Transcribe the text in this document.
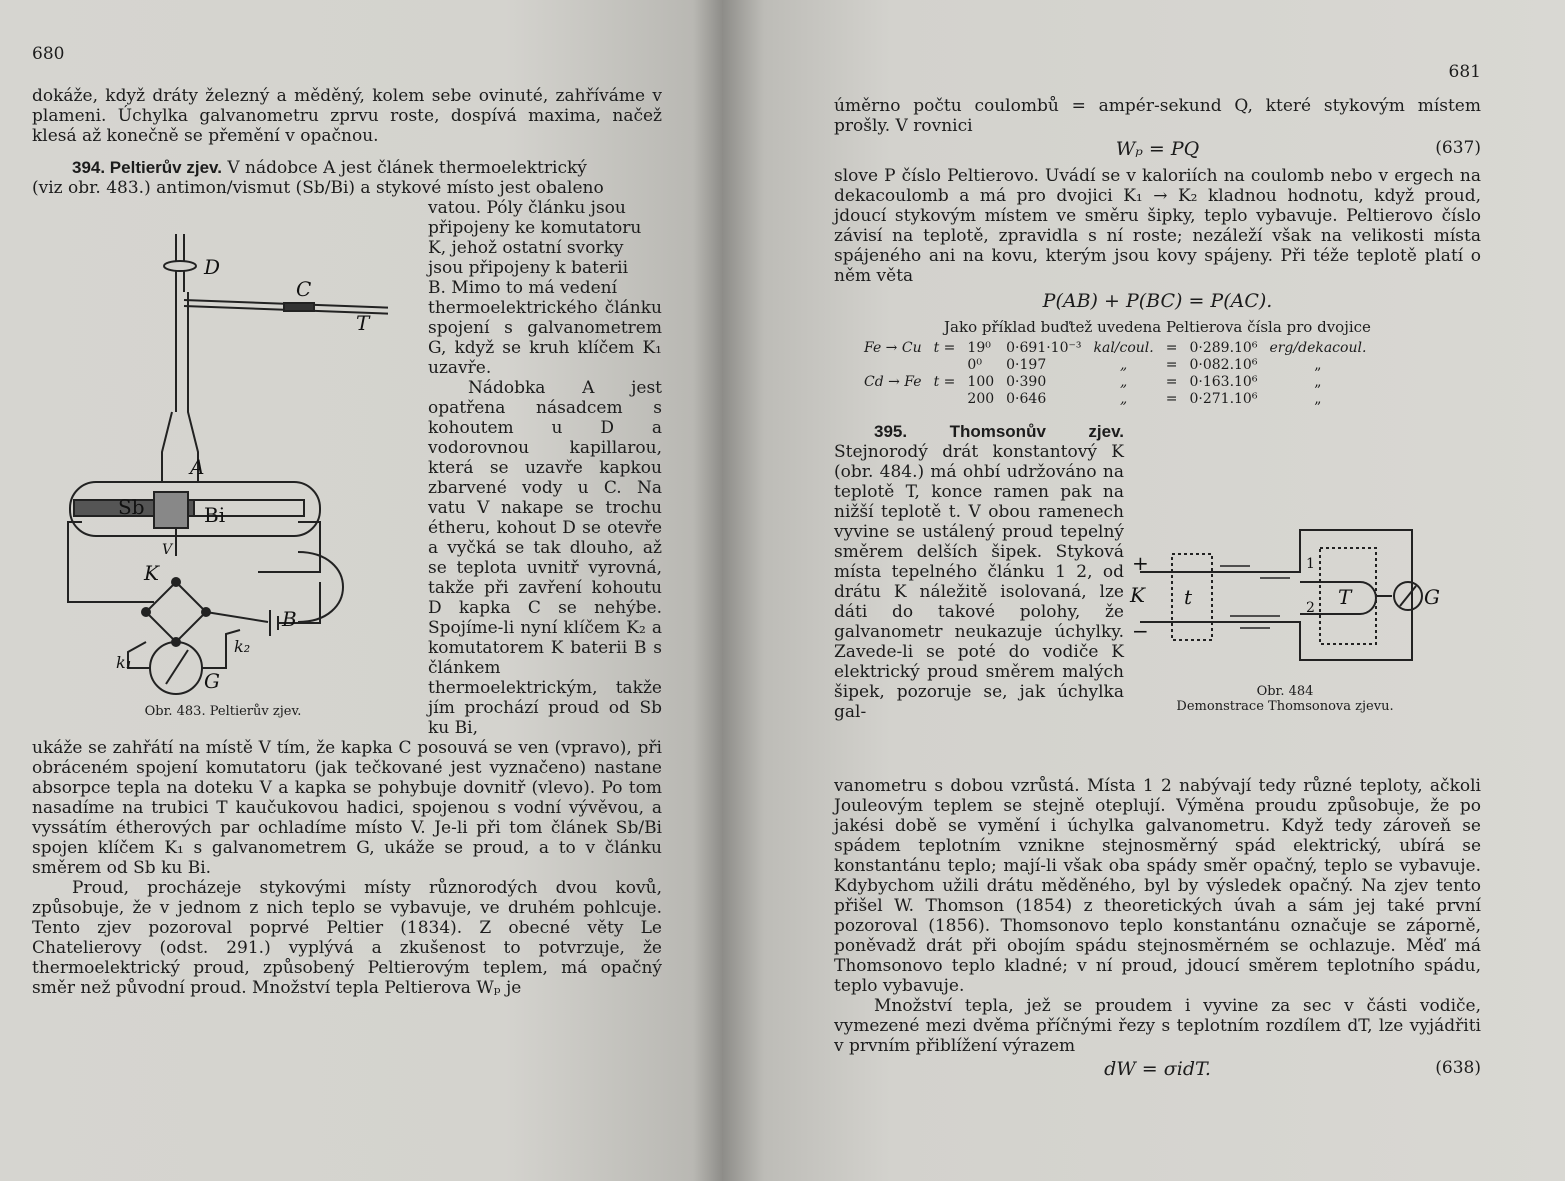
680

dokáže, když dráty železný a měděný, kolem sebe ovinuté, zahříváme v plameni. Úchylka galvanometru zprvu roste, dospívá maxima, načež klesá až konečně se přemění v opačnou.

394. Peltierův zjev. V nádobce A jest článek thermoelektrický

(viz obr. 483.) antimon/vismut (Sb/Bi) a stykové místo jest obaleno

vatou. Póly článku jsou

připojeny ke komutatoru

K, jehož ostatní svorky

jsou připojeny k baterii

B. Mimo to má vedení

thermoelektrického článku spojení s galvanometrem G, když se kruh klíčem K₁ uzavře.

Nádobka A jest opatřena násadcem s kohoutem u D a vodorovnou kapillarou, která se uzavře kapkou zbarvené vody u C. Na vatu V nakape se trochu étheru, kohout D se otevře a vyčká se tak dlouho, až se teplota uvnitř vyrovná, takže při zavření kohoutu D kapka C se nehýbe. Spojíme-li nyní klíčem K₂ a komutatorem K baterii B s článkem thermoelektrickým, takže jím prochází proud od Sb ku Bi,

ukáže se zahřátí na místě V tím, že kapka C posouvá se ven (vpravo), při obráceném spojení komutatoru (jak tečkované jest vyznačeno) nastane absorpce tepla na doteku V a kapka se pohybuje dovnitř (vlevo). Po tom nasadíme na trubici T kaučukovou hadici, spojenou s vodní vývěvou, a vyssátím étherových par ochladíme místo V. Je-li při tom článek Sb/Bi spojen klíčem K₁ s galvanometrem G, ukáže se proud, a to v článku směrem od Sb ku Bi.

Proud, procházeje stykovými místy různorodých dvou kovů, způsobuje, že v jednom z nich teplo se vybavuje, ve druhém pohlcuje. Tento zjev pozoroval poprvé Peltier (1834). Z obecné věty Le Chatelierovy (odst. 291.) vyplývá a zkušenost to potvrzuje, že thermoelektrický proud, způsobený Peltierovým teplem, má opačný směr než původní proud. Množství tepla Peltierova Wₚ je

D
C
T
A
Sb	Bi
V
K
B
k₁
k₂
G
Obr. 483. Peltierův zjev.
681

úměrno počtu coulombů = ampér-sekund Q, které stykovým místem prošly. V rovnici

Wₚ = PQ	(637)

slove P číslo Peltierovo. Uvádí se v kaloriích na coulomb nebo v ergech na dekacoulomb a má pro dvojici K₁ → K₂ kladnou hodnotu, když proud, jdoucí stykovým místem ve směru šipky, teplo vybavuje. Peltierovo číslo závisí na teplotě, zpravidla s ní roste; nezáleží však na velikosti místa spájeného ani na kovu, kterým jsou kovy spájeny. Při téže teplotě platí o něm věta

P(AB) + P(BC) = P(AC).
Jako příklad buďtež uvedena Peltierova čísla pro dvojice
Fe → Cu	t =	19⁰	0·691·10⁻³	kal/coul.	=	0·289.10⁶	erg/dekacoul.
		0⁰	0·197	„	=	0·082.10⁶	„
Cd → Fe	t =	100	0·390	„	=	0·163.10⁶	„
		200	0·646	„	=	0·271.10⁶	„

395. Thomsonův zjev. Stejnorodý drát konstantový K (obr. 484.) má ohbí udržováno na teplotě T, konce ramen pak na nižší teplotě t. V obou ramenech vyvine se ustálený proud tepelný směrem delších šipek. Styková místa tepelného článku 1 2, od drátu K náležitě isolovaná, lze dáti do takové polohy, že galvanometr neukazuje úchylky. Zavede-li se poté do vodiče K elektrický proud směrem malých šipek, pozoruje se, jak úchylka gal-

vanometru s dobou vzrůstá. Místa 1 2 nabývají tedy různé teploty, ačkoli Jouleovým teplem se stejně oteplují. Výměna proudu způsobuje, že po jakési době se vymění i úchylka galvanometru. Když tedy zároveň se spádem teplotním vznikne stejnosměrný spád elektrický, ubírá se konstantánu teplo; mají-li však oba spády směr opačný, teplo se vybavuje. Kdybychom užili drátu měděného, byl by výsledek opačný. Na zjev tento přišel W. Thomson (1854) z theoretických úvah a sám jej také první pozoroval (1856). Thomsonovo teplo konstantánu označuje se záporně, poněvadž drát při obojím spádu stejnosměrném se ochlazuje. Měď má Thomsonovo teplo kladné; v ní proud, jdoucí směrem teplotního spádu, teplo vybavuje.

Množství tepla, jež se proudem i vyvine za sec v části vodiče, vymezené mezi dvěma příčnými řezy s teplotním rozdílem dT, lze vyjádřiti v prvním přiblížení výrazem

dW = σidT.	(638)
+
K
−
t	T	G
1
2
Obr. 484
Demonstrace Thomsonova zjevu.
